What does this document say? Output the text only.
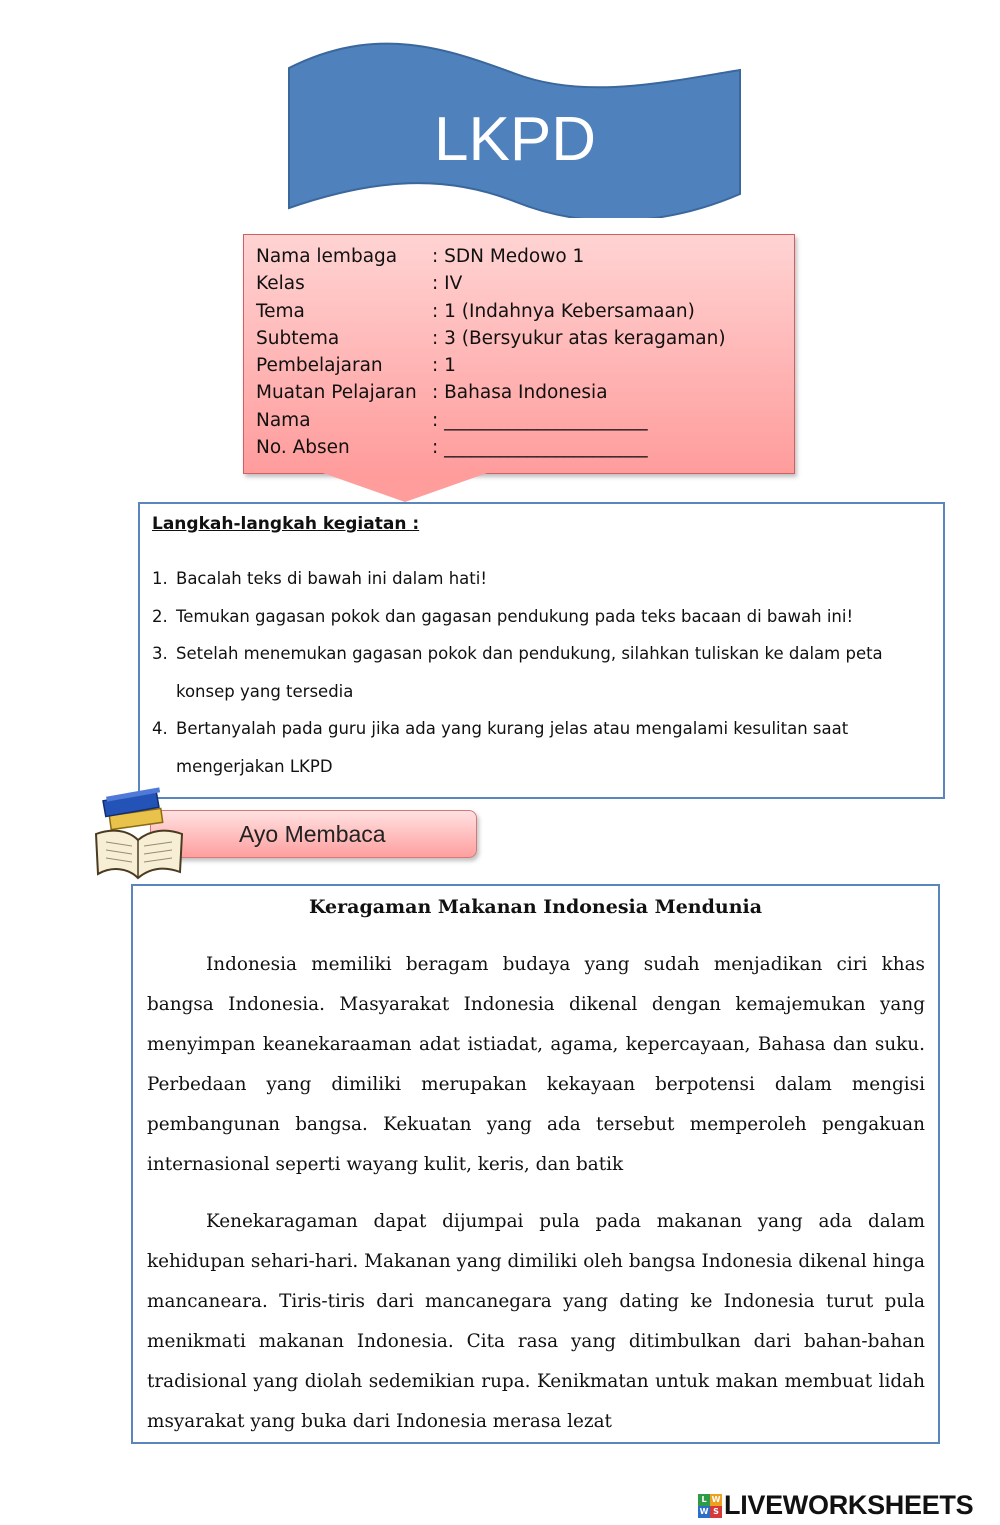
LKPD
Nama lembaga	: SDN Medowo 1
Kelas	: IV
Tema	: 1 (Indahnya Kebersamaan)
Subtema	: 3 (Bersyukur atas keragaman)
Pembelajaran	: 1
Muatan Pelajaran : Bahasa Indonesia
Nama	: ______________________
No. Absen	: ______________________
Langkah-langkah kegiatan :
1. Bacalah teks di bawah ini dalam hati!
2. Temukan gagasan pokok dan gagasan pendukung pada teks bacaan di bawah ini!
3. Setelah menemukan gagasan pokok dan pendukung, silahkan tuliskan ke dalam peta konsep yang tersedia
4. Bertanyalah pada guru jika ada yang kurang jelas atau mengalami kesulitan saat mengerjakan LKPD
Ayo Membaca
Keragaman Makanan Indonesia Mendunia

Indonesia memiliki beragam budaya yang sudah menjadikan ciri khas bangsa Indonesia. Masyarakat Indonesia dikenal dengan kemajemukan yang menyimpan keanekaraaman adat istiadat, agama, kepercayaan, Bahasa dan suku. Perbedaan yang dimiliki merupakan kekayaan berpotensi dalam mengisi pembangunan bangsa. Kekuatan yang ada tersebut memperoleh pengakuan internasional seperti wayang kulit, keris, dan batik

Kenekaragaman dapat dijumpai pula pada makanan yang ada dalam kehidupan sehari-hari. Makanan yang dimiliki oleh bangsa Indonesia dikenal hinga mancaneara. Tiris-tiris dari mancanegara yang dating ke Indonesia turut pula menikmati makanan Indonesia. Cita rasa yang ditimbulkan dari bahan-bahan tradisional yang diolah sedemikian rupa. Kenikmatan untuk makan membuat lidah msyarakat yang buka dari Indonesia merasa lezat

L W
W S LIVEWORKSHEETS
